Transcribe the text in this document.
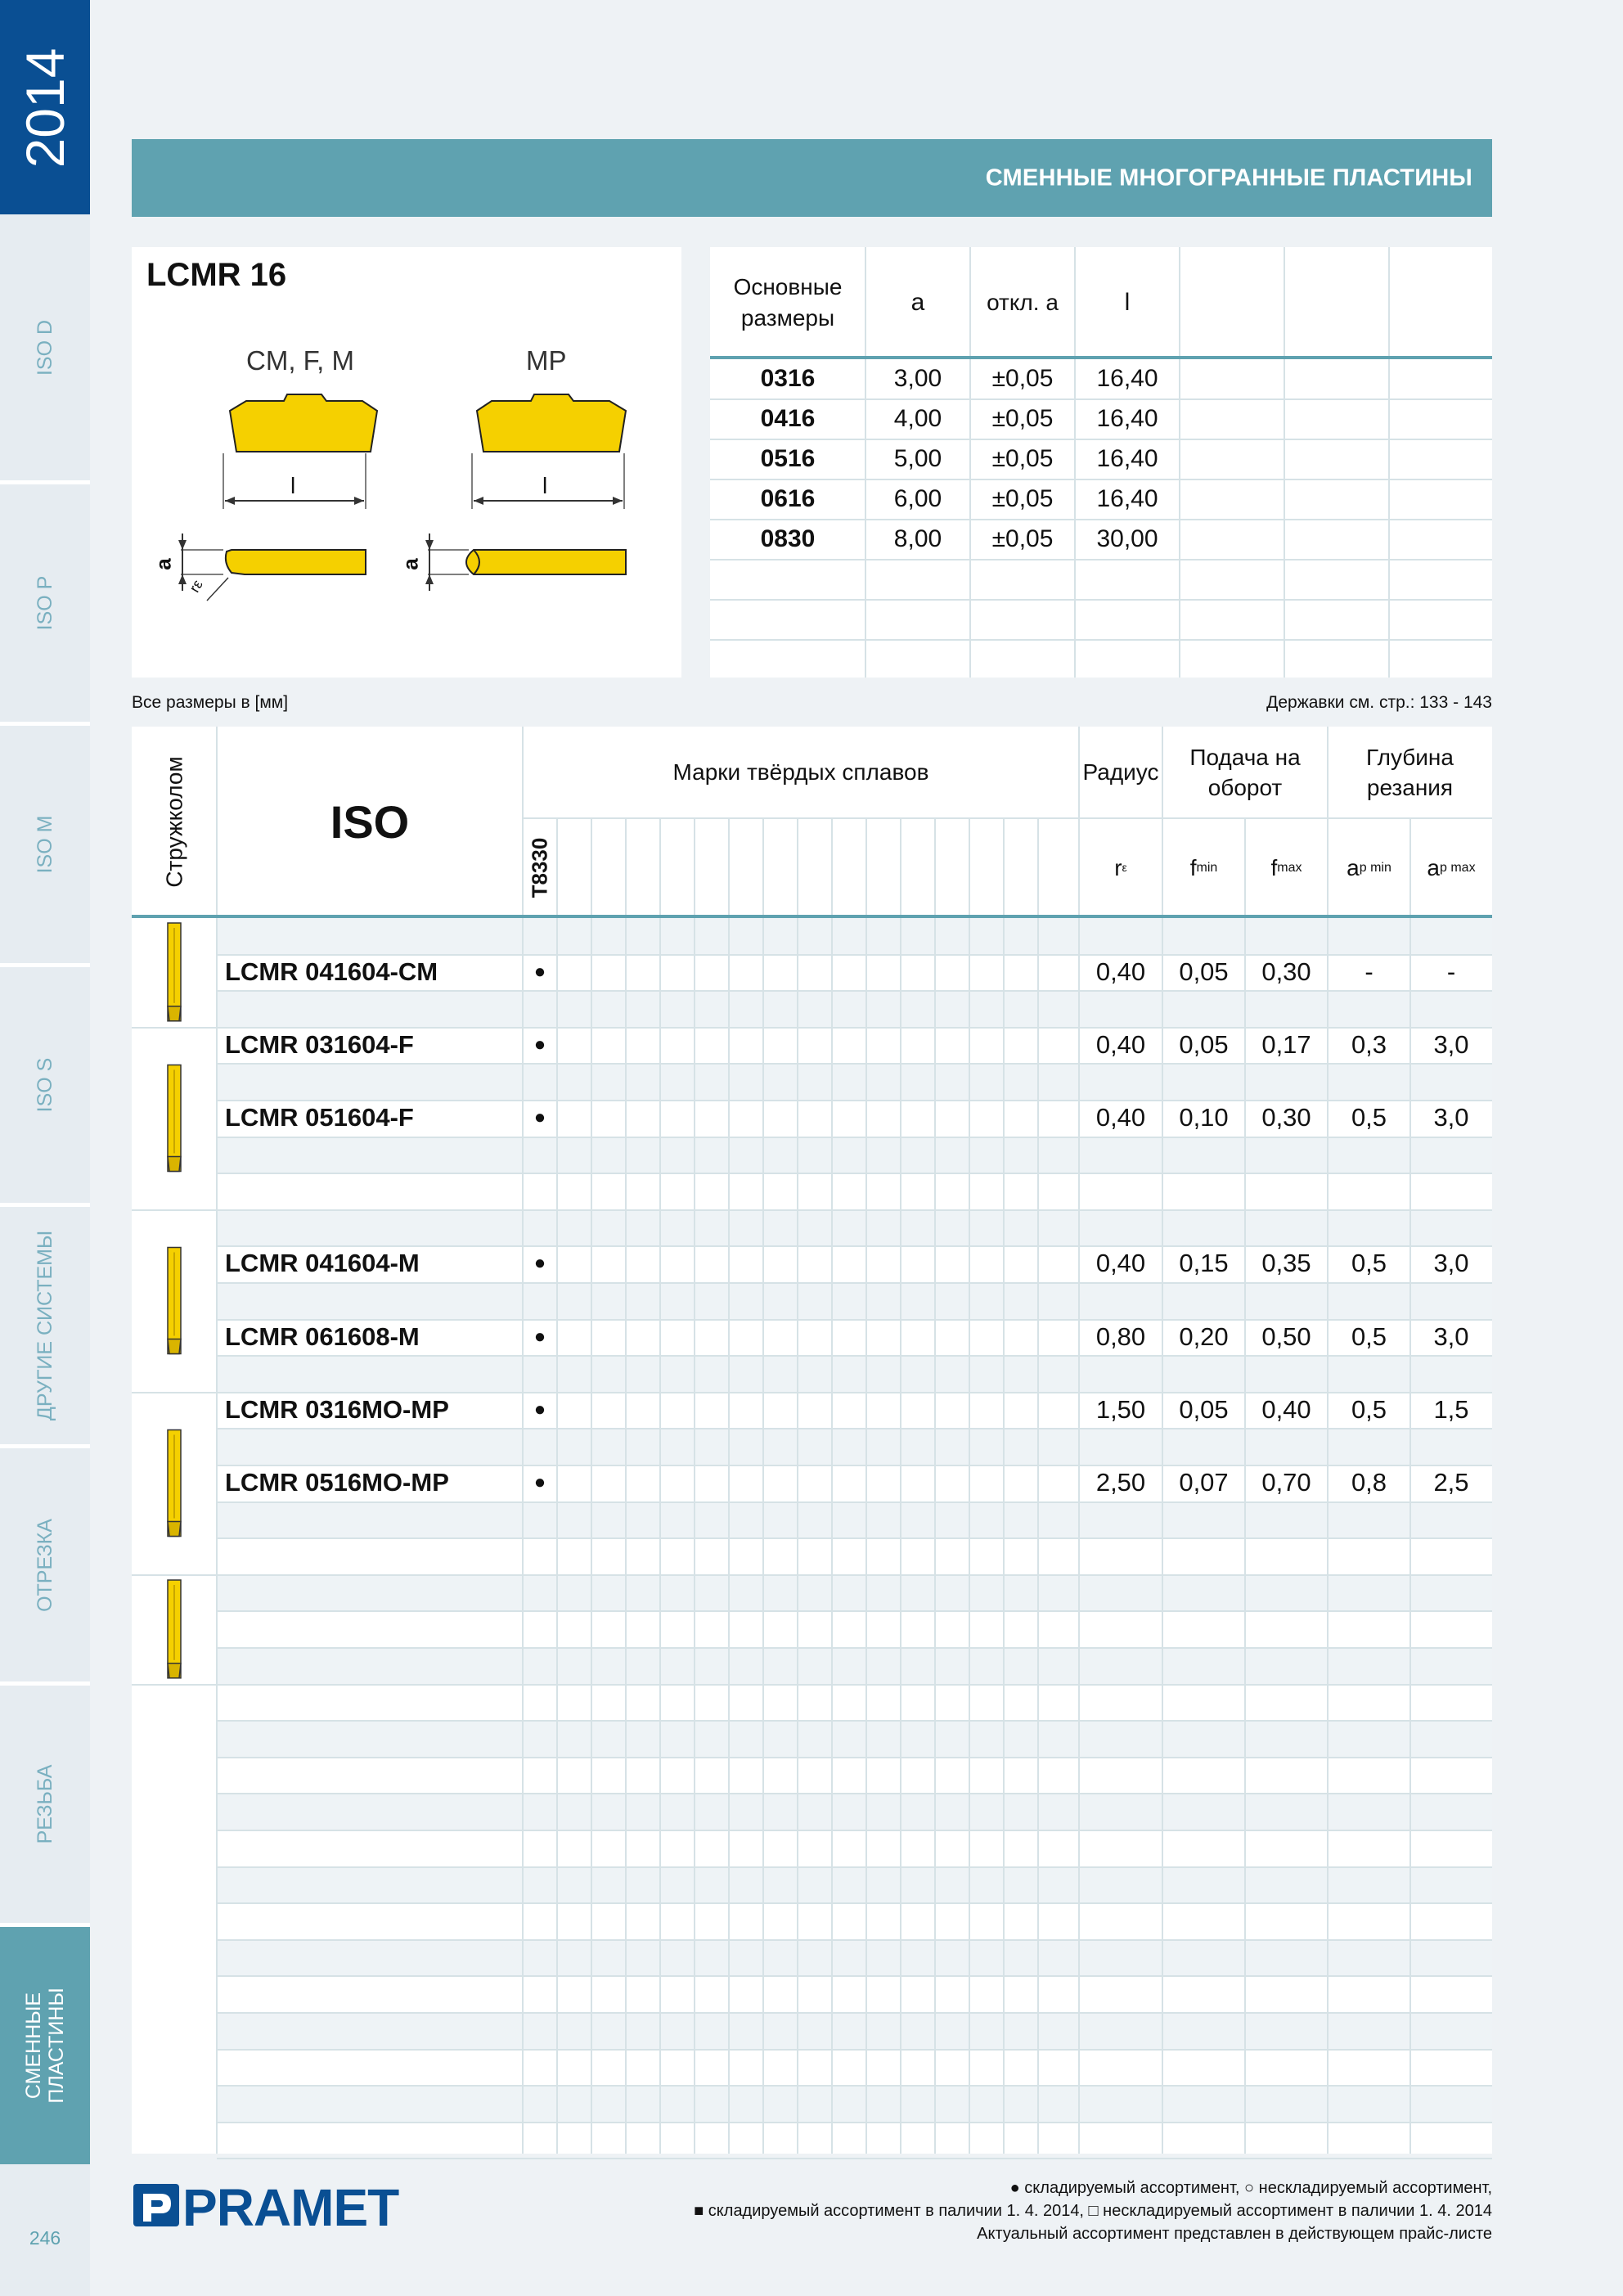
2014
ISO D
ISO P
ISO M
ISO S
ДРУГИЕ СИСТЕМЫ
ОТРЕЗКА
РЕЗЬБА
СМЕННЫЕ ПЛАСТИНЫ
246
СМЕННЫЕ МНОГОГРАННЫЕ ПЛАСТИНЫ
LCMR 16
CM, F, M	MP
l	l
a	a
rε
Основные размеры
a	откл. a	l
0316	3,00	±0,05	16,40
0416	4,00	±0,05	16,40
0516	5,00	±0,05	16,40
0616	6,00	±0,05	16,40
0830	8,00	±0,05	30,00
Все размеры в [мм]	Державки см. стр.: 133 - 143
Стружколом	ISO
Марки твёрдых сплавов
T8330
Радиус
Подача на оборот
Глубина резания
r ε	f min f max a p min a p max
LCMR 041604-CM	●	0,40	0,05	0,30	-	-
LCMR 031604-F	●	0,40	0,05	0,17	0,3	3,0
LCMR 051604-F	●	0,40	0,10	0,30	0,5	3,0
LCMR 041604-M	●	0,40	0,15	0,35	0,5	3,0
LCMR 061608-M	●	0,80	0,20	0,50	0,5	3,0
LCMR 0316MO-MP	●	1,50	0,05	0,40	0,5	1,5
LCMR 0516MO-MP	●	2,50	0,07	0,70	0,8	2,5
PRAMET	● складируемый ассортимент, ○ нескладируемый ассортимент,
■ складируемый ассортимент в паличии 1. 4. 2014, □ нескладируемый ассортимент в паличии 1. 4. 2014
Актуальный ассортимент представлен в действующем прайс-листе
